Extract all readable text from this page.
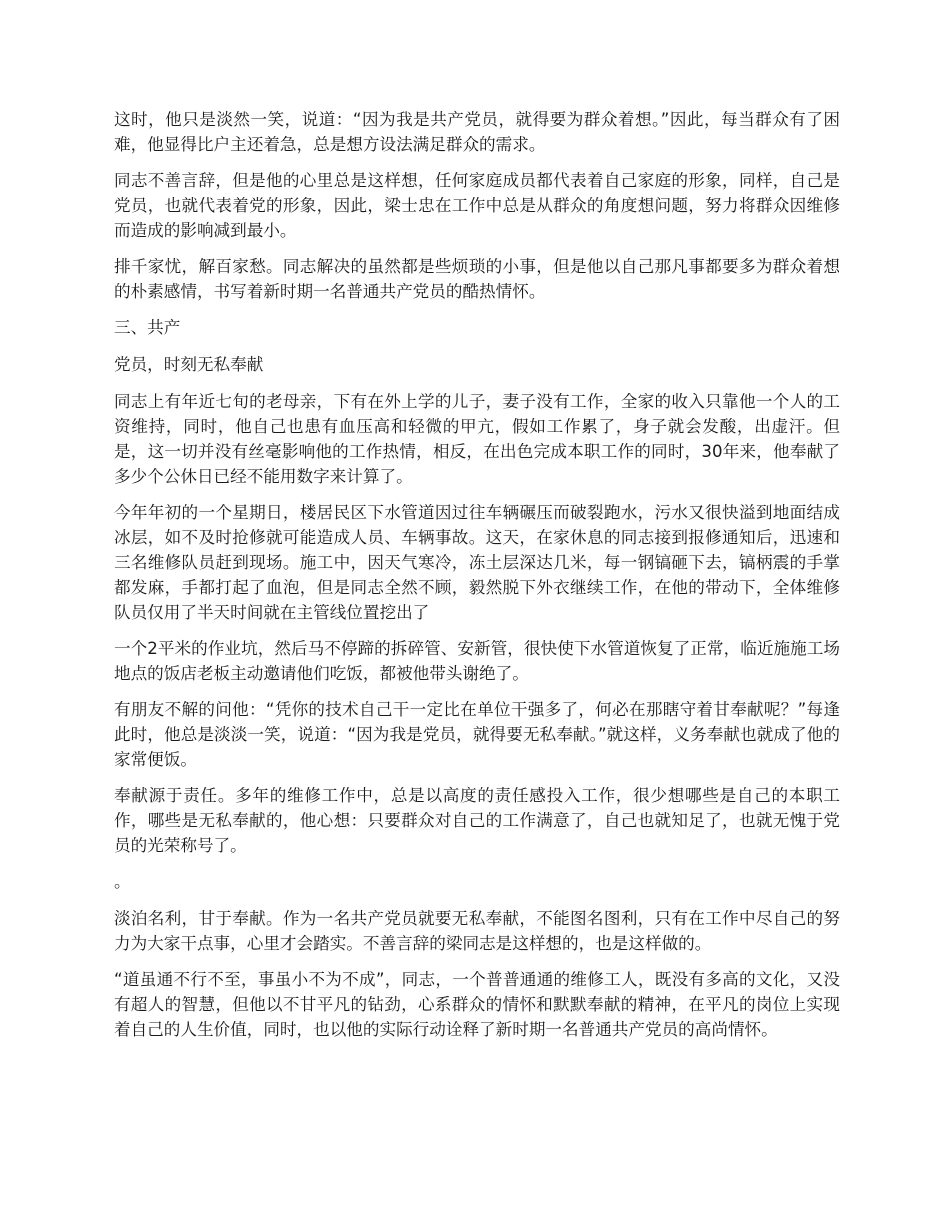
这时，他只是淡然一笑，说道：“因为我是共产党员，就得要为群众着想。”因此，每当群众有了困难，他显得比户主还着急，总是想方设法满足群众的需求。

同志不善言辞，但是他的心里总是这样想，任何家庭成员都代表着自己家庭的形象，同样，自己是党员，也就代表着党的形象，因此，梁士忠在工作中总是从群众的角度想问题，努力将群众因维修而造成的影响减到最小。

排千家忧，解百家愁。同志解决的虽然都是些烦琐的小事，但是他以自己那凡事都要多为群众着想的朴素感情，书写着新时期一名普通共产党员的酷热情怀。

三、共产

党员，时刻无私奉献

同志上有年近七旬的老母亲，下有在外上学的儿子，妻子没有工作，全家的收入只靠他一个人的工资维持，同时，他自己也患有血压高和轻微的甲亢，假如工作累了，身子就会发酸，出虚汗。但是，这一切并没有丝毫影响他的工作热情，相反，在出色完成本职工作的同时，30年来，他奉献了多少个公休日已经不能用数字来计算了。

今年年初的一个星期日，楼居民区下水管道因过往车辆碾压而破裂跑水，污水又很快溢到地面结成冰层，如不及时抢修就可能造成人员、车辆事故。这天，在家休息的同志接到报修通知后，迅速和三名维修队员赶到现场。施工中，因天气寒冷，冻土层深达几米，每一钢镐砸下去，镐柄震的手掌都发麻，手都打起了血泡，但是同志全然不顾，毅然脱下外衣继续工作，在他的带动下，全体维修队员仅用了半天时间就在主管线位置挖出了

一个2平米的作业坑，然后马不停蹄的拆碎管、安新管，很快使下水管道恢复了正常，临近施施工场地点的饭店老板主动邀请他们吃饭，都被他带头谢绝了。

有朋友不解的问他：“凭你的技术自己干一定比在单位干强多了，何必在那瞎守着甘奉献呢？”每逢此时，他总是淡淡一笑，说道：“因为我是党员，就得要无私奉献。”就这样，义务奉献也就成了他的家常便饭。

奉献源于责任。多年的维修工作中，总是以高度的责任感投入工作，很少想哪些是自己的本职工作，哪些是无私奉献的，他心想：只要群众对自己的工作满意了，自己也就知足了，也就无愧于党员的光荣称号了。

。

淡泊名利，甘于奉献。作为一名共产党员就要无私奉献，不能图名图利，只有在工作中尽自己的努力为大家干点事，心里才会踏实。不善言辞的梁同志是这样想的，也是这样做的。

“道虽通不行不至，事虽小不为不成”，同志，一个普普通通的维修工人，既没有多高的文化，又没有超人的智慧，但他以不甘平凡的钻劲，心系群众的情怀和默默奉献的精神，在平凡的岗位上实现着自己的人生价值，同时，也以他的实际行动诠释了新时期一名普通共产党员的高尚情怀。
